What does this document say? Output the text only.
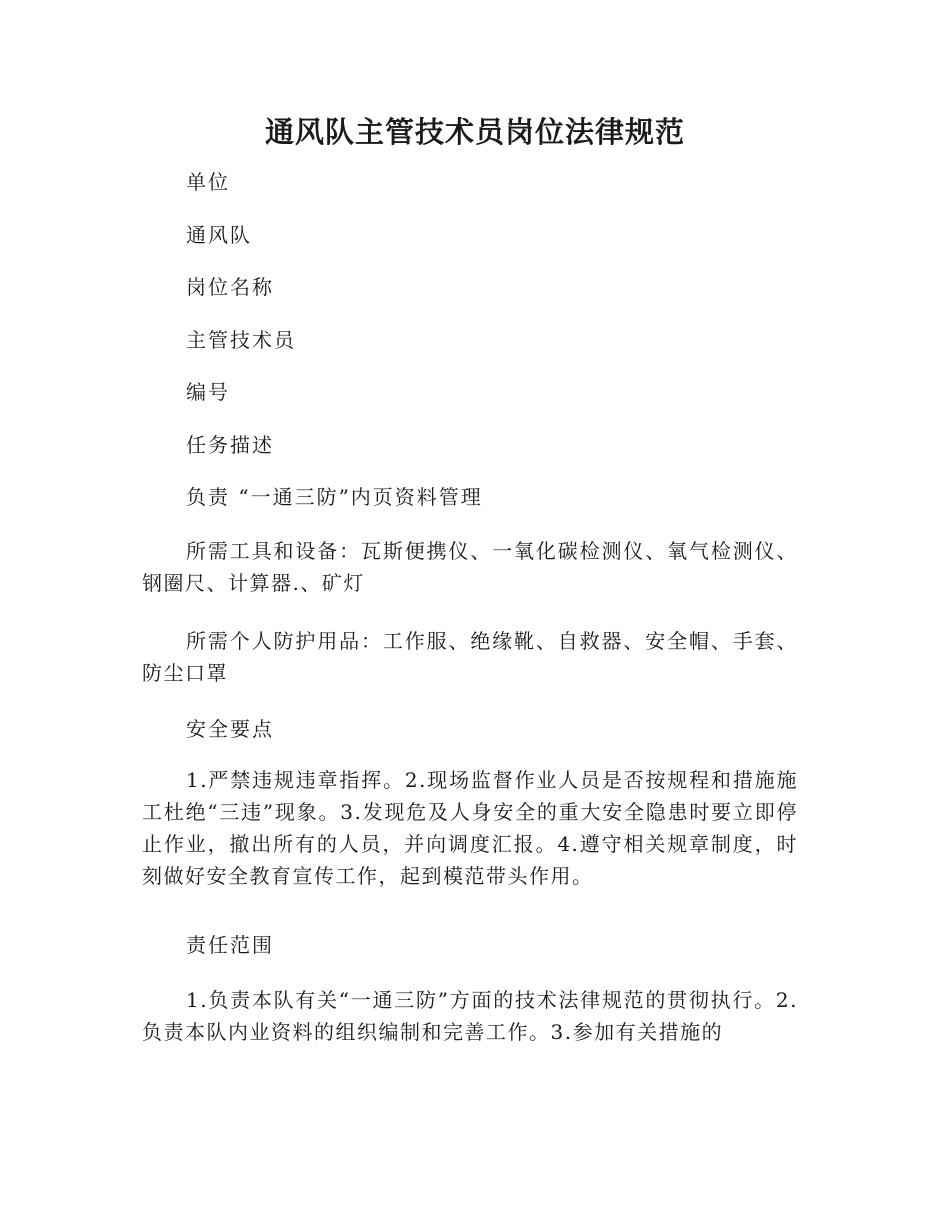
通风队主管技术员岗位法律规范
单位
通风队
岗位名称
主管技术员
编号
任务描述
负责 “一通三防”内页资料管理
所需工具和设备：瓦斯便携仪、一氧化碳检测仪、氧气检测仪、钢圈尺、计算器.、矿灯
所需个人防护用品：工作服、绝缘靴、自救器、安全帽、手套、防尘口罩
安全要点
1.严禁违规违章指挥。2.现场监督作业人员是否按规程和措施施工杜绝“三违”现象。3.发现危及人身安全的重大安全隐患时要立即停止作业，撤出所有的人员，并向调度汇报。4.遵守相关规章制度，时刻做好安全教育宣传工作，起到模范带头作用。
责任范围
1.负责本队有关“一通三防”方面的技术法律规范的贯彻执行。2.负责本队内业资料的组织编制和完善工作。3.参加有关措施的
